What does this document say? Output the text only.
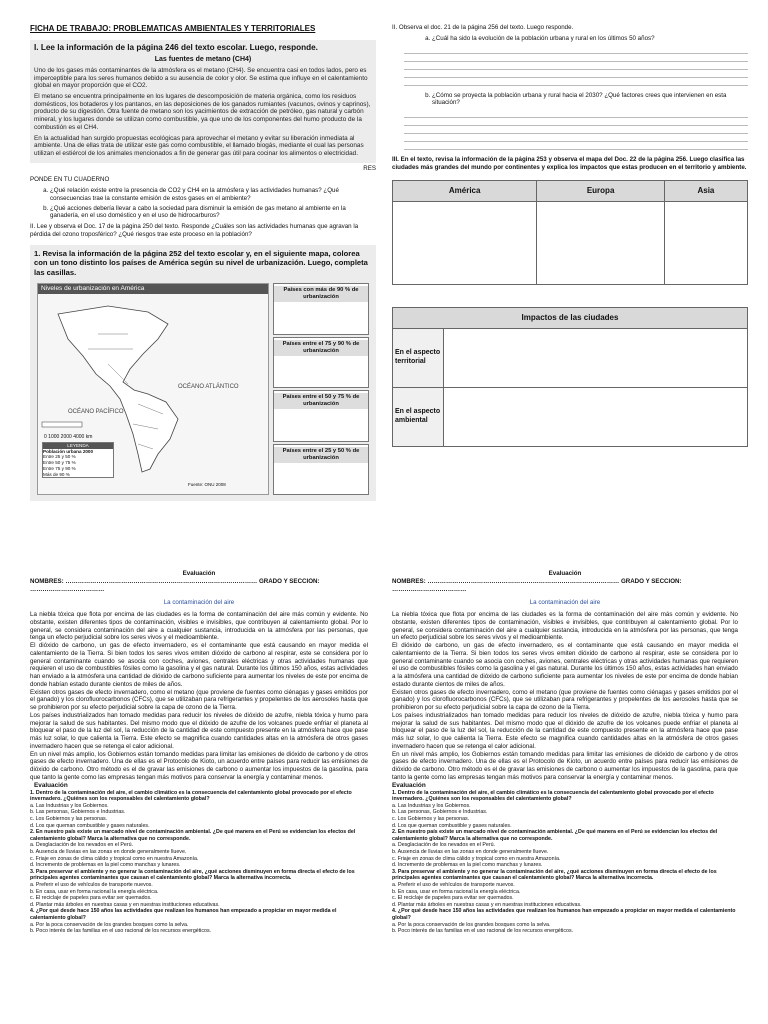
FICHA DE TRABAJO: PROBLEMATICAS AMBIENTALES Y TERRITORIALES
I. Lee la información de la página 246 del texto escolar. Luego, responde.
Las fuentes de metano (CH4)

Uno de los gases más contaminantes de la atmósfera es el metano (CH4). Se encuentra casi en todos lados, pero es imperceptible para los seres humanos debido a su ausencia de color y olor. Se estima que influye en el calentamiento global en mayor proporción que el CO2.

El metano se encuentra principalmente en los lugares de descomposición de materia orgánica, como los residuos domésticos, los botaderos y los pantanos, en las deposiciones de los ganados rumiantes (vacunos, ovinos y caprinos), producto de su digestión. Otra fuente de metano son los yacimientos de extracción de petróleo, gas natural y carbón mineral, y los lugares donde se utilizan como combustible, ya que uno de los componentes del humo producto de la combustión es el CH4.

En la actualidad han surgido propuestas ecológicas para aprovechar el metano y evitar su liberación inmediata al ambiente. Una de ellas trata de utilizar este gas como combustible, el llamado biogás, mediante el cual las personas utilizan el estiércol de los animales mencionados a fin de generar gas útil para cocinar los alimentos o electricidad.

RES
PONDE EN TU CUADERNO
a. ¿Qué relación existe entre la presencia de CO2 y CH4 en la atmósfera y las actividades humanas? ¿Qué consecuencias trae la constante emisión de estos gases en el ambiente?
b. ¿Qué acciones debería llevar a cabo la sociedad para disminuir la emisión de gas metano al ambiente en la ganadería, en el uso doméstico y en el uso de hidrocarburos?
II. Lee y observa el Doc. 17 de la página 250 del texto. Responde ¿Cuáles son las actividades humanas que agravan la pérdida del ozono troposférico? ¿Qué riesgos trae este proceso en la población?
1. Revisa la información de la página 252 del texto escolar y, en el siguiente mapa, colorea con un tono distinto los países de América según su nivel de urbanización. Luego, completa las casillas.
Niveles de urbanización en América
OCÉANO ATLÁNTICO
OCÉANO PACÍFICO
0 1000 2000 4000 km
LEYENDA
Población urbana 2000
Entre 25 y 50 %
Entre 50 y 75 %
Entre 75 y 90 %
Más de 90 %
Fuente: ONU 2008
Países con más de 90 % de urbanización
Países entre el 75 y 90 % de urbanización
Países entre el 50 y 75 % de urbanización
Países entre el 25 y 50 % de urbanización
II. Observa el doc. 21 de la página 256 del texto. Luego responde.
a. ¿Cuál ha sido la evolución de la población urbana y rural en los últimos 50 años?
b. ¿Cómo se proyecta la población urbana y rural hacia el 2030? ¿Qué factores crees que intervienen en esta situación?
III. En el texto, revisa la información de la página 253 y observa el mapa del Doc. 22 de la página 256. Luego clasifica las ciudades más grandes del mundo por continentes y explica los impactos que estas producen en el territorio y ambiente.
América	Europa	Asia

Impactos de las ciudades	
En el aspecto territorial	
En el aspecto ambiental	
Evaluación
NOMBRES: ………………………………………………………………………………… GRADO Y SECCION: ………………………………
La contaminación del aire

La niebla tóxica que flota por encima de las ciudades es la forma de contaminación del aire más común y evidente. No obstante, existen diferentes tipos de contaminación, visibles e invisibles, que contribuyen al calentamiento global. Por lo general, se considera contaminación del aire a cualquier sustancia, introducida en la atmósfera por las personas, que tenga un efecto perjudicial sobre los seres vivos y el medioambiente.

El dióxido de carbono, un gas de efecto invernadero, es el contaminante que está causando en mayor medida el calentamiento de la Tierra. Si bien todos los seres vivos emiten dióxido de carbono al respirar, este se considera por lo general contaminante cuando se asocia con coches, aviones, centrales eléctricas y otras actividades humanas que requieren el uso de combustibles fósiles como la gasolina y el gas natural. Durante los últimos 150 años, estas actividades han enviado a la atmósfera una cantidad de dióxido de carbono suficiente para aumentar los niveles de este por encima de donde habían estado durante cientos de miles de años.

Existen otros gases de efecto invernadero, como el metano (que proviene de fuentes como ciénagas y gases emitidos por el ganado) y los clorofluorocarbonos (CFCs), que se utilizaban para refrigerantes y propelentes de los aerosoles hasta que se prohibieron por su efecto perjudicial sobre la capa de ozono de la Tierra.

Los países industrializados han tomado medidas para reducir los niveles de dióxido de azufre, niebla tóxica y humo para mejorar la salud de sus habitantes. Del mismo modo que el dióxido de azufre de los volcanes puede enfriar el planeta al bloquear el paso de la luz del sol, la reducción de la cantidad de este compuesto presente en la atmósfera hace que pase más luz solar, lo que calienta la Tierra. Este efecto se magnifica cuando cantidades altas en la atmósfera de otros gases invernadero hacen que se retenga el calor adicional.

En un nivel más amplio, los Gobiernos están tomando medidas para limitar las emisiones de dióxido de carbono y de otros gases de efecto invernadero. Una de ellas es el Protocolo de Kioto, un acuerdo entre países para reducir las emisiones de dióxido de carbono. Otro método es el de gravar las emisiones de carbono o aumentar los impuestos de la gasolina, para que tanto la gente como las empresas tengan más motivos para conservar la energía y contaminar menos.

Evaluación

1. Dentro de la contaminación del aire, el cambio climático es la consecuencia del calentamiento global provocado por el efecto invernadero. ¿Quiénes son los responsables del calentamiento global?

a. Las Industrias y los Gobiernos.

b. Las personas, Gobiernos e Industrias.

c. Los Gobiernos y las personas.

d. Los que queman combustible y gases naturales.

2. En nuestro país existe un marcado nivel de contaminación ambiental. ¿De qué manera en el Perú se evidencian los efectos del calentamiento global? Marca la alternativa que no corresponde.

a. Desglaciación de los nevados en el Perú.

b. Ausencia de lluvias en las zonas en donde generalmente llueve.

c. Friaje en zonas de clima cálido y tropical como en nuestra Amazonía.

d. Incremento de problemas en la piel como manchas y lunares.

3. Para preservar el ambiente y no generar la contaminación del aire, ¿qué acciones disminuyen en forma directa el efecto de los principales agentes contaminantes que causan el calentamiento global? Marca la alternativa incorrecta.

a. Preferir el uso de vehículos de transporte nuevos.

b. En casa, usar en forma racional la energía eléctrica.

c. El reciclaje de papeles para evitar ser quemados.

d. Plantar más árboles en nuestras casas y en nuestras instituciones educativas.

4. ¿Por qué desde hace 150 años las actividades que realizan los humanos han empezado a propiciar en mayor medida el calentamiento global?

a. Por la poca conservación de los grandes bosques como la selva.

b. Poco interés de las familias en el uso racional de los recursos energéticos.

Evaluación
NOMBRES: ………………………………………………………………………………… GRADO Y SECCION: ………………………………
La contaminación del aire

La niebla tóxica que flota por encima de las ciudades es la forma de contaminación del aire más común y evidente. No obstante, existen diferentes tipos de contaminación, visibles e invisibles, que contribuyen al calentamiento global. Por lo general, se considera contaminación del aire a cualquier sustancia, introducida en la atmósfera por las personas, que tenga un efecto perjudicial sobre los seres vivos y el medioambiente.

El dióxido de carbono, un gas de efecto invernadero, es el contaminante que está causando en mayor medida el calentamiento de la Tierra. Si bien todos los seres vivos emiten dióxido de carbono al respirar, este se considera por lo general contaminante cuando se asocia con coches, aviones, centrales eléctricas y otras actividades humanas que requieren el uso de combustibles fósiles como la gasolina y el gas natural. Durante los últimos 150 años, estas actividades han enviado a la atmósfera una cantidad de dióxido de carbono suficiente para aumentar los niveles de este por encima de donde habían estado durante cientos de miles de años.

Existen otros gases de efecto invernadero, como el metano (que proviene de fuentes como ciénagas y gases emitidos por el ganado) y los clorofluorocarbonos (CFCs), que se utilizaban para refrigerantes y propelentes de los aerosoles hasta que se prohibieron por su efecto perjudicial sobre la capa de ozono de la Tierra.

Los países industrializados han tomado medidas para reducir los niveles de dióxido de azufre, niebla tóxica y humo para mejorar la salud de sus habitantes. Del mismo modo que el dióxido de azufre de los volcanes puede enfriar el planeta al bloquear el paso de la luz del sol, la reducción de la cantidad de este compuesto presente en la atmósfera hace que pase más luz solar, lo que calienta la Tierra. Este efecto se magnifica cuando cantidades altas en la atmósfera de otros gases invernadero hacen que se retenga el calor adicional.

En un nivel más amplio, los Gobiernos están tomando medidas para limitar las emisiones de dióxido de carbono y de otros gases de efecto invernadero. Una de ellas es el Protocolo de Kioto, un acuerdo entre países para reducir las emisiones de dióxido de carbono. Otro método es el de gravar las emisiones de carbono o aumentar los impuestos de la gasolina, para que tanto la gente como las empresas tengan más motivos para conservar la energía y contaminar menos.

Evaluación

1. Dentro de la contaminación del aire, el cambio climático es la consecuencia del calentamiento global provocado por el efecto invernadero. ¿Quiénes son los responsables del calentamiento global?

a. Las Industrias y los Gobiernos.

b. Las personas, Gobiernos e Industrias.

c. Los Gobiernos y las personas.

d. Los que queman combustible y gases naturales.

2. En nuestro país existe un marcado nivel de contaminación ambiental. ¿De qué manera en el Perú se evidencian los efectos del calentamiento global? Marca la alternativa que no corresponde.

a. Desglaciación de los nevados en el Perú.

b. Ausencia de lluvias en las zonas en donde generalmente llueve.

c. Friaje en zonas de clima cálido y tropical como en nuestra Amazonía.

d. Incremento de problemas en la piel como manchas y lunares.

3. Para preservar el ambiente y no generar la contaminación del aire, ¿qué acciones disminuyen en forma directa el efecto de los principales agentes contaminantes que causan el calentamiento global? Marca la alternativa incorrecta.

a. Preferir el uso de vehículos de transporte nuevos.

b. En casa, usar en forma racional la energía eléctrica.

c. El reciclaje de papeles para evitar ser quemados.

d. Plantar más árboles en nuestras casas y en nuestras instituciones educativas.

4. ¿Por qué desde hace 150 años las actividades que realizan los humanos han empezado a propiciar en mayor medida el calentamiento global?

a. Por la poca conservación de los grandes bosques como la selva.

b. Poco interés de las familias en el uso racional de los recursos energéticos.
